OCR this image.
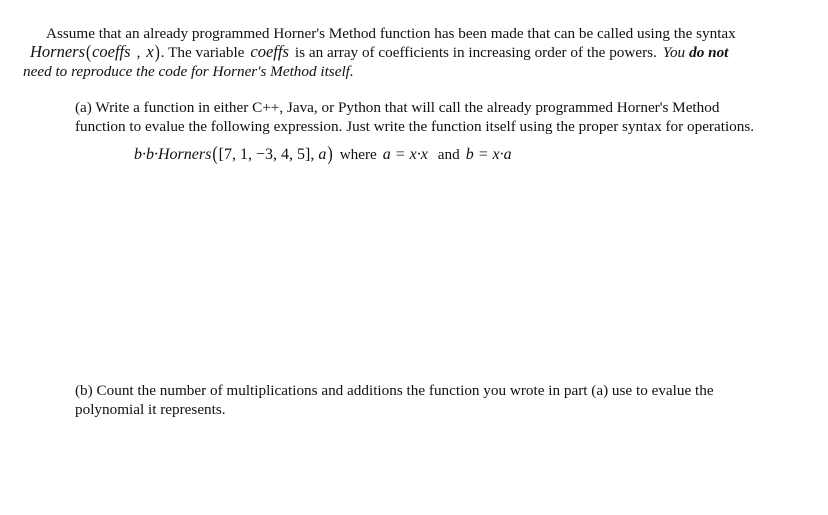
Assume that an already programmed Horner's Method function has been made that can be called using the syntax
Horners(coeffs , x). The variable coeffs is an array of coefficients in increasing order of the powers. You do not
need to reproduce the code for Horner's Method itself.
(a) Write a function in either C++, Java, or Python that will call the already programmed Horner's Method
function to evalue the following expression. Just write the function itself using the proper syntax for operations.
b·b·Horners([7, 1, −3, 4, 5], a) where a = x·x and b = x·a
(b) Count the number of multiplications and additions the function you wrote in part (a) use to evalue the
polynomial it represents.
